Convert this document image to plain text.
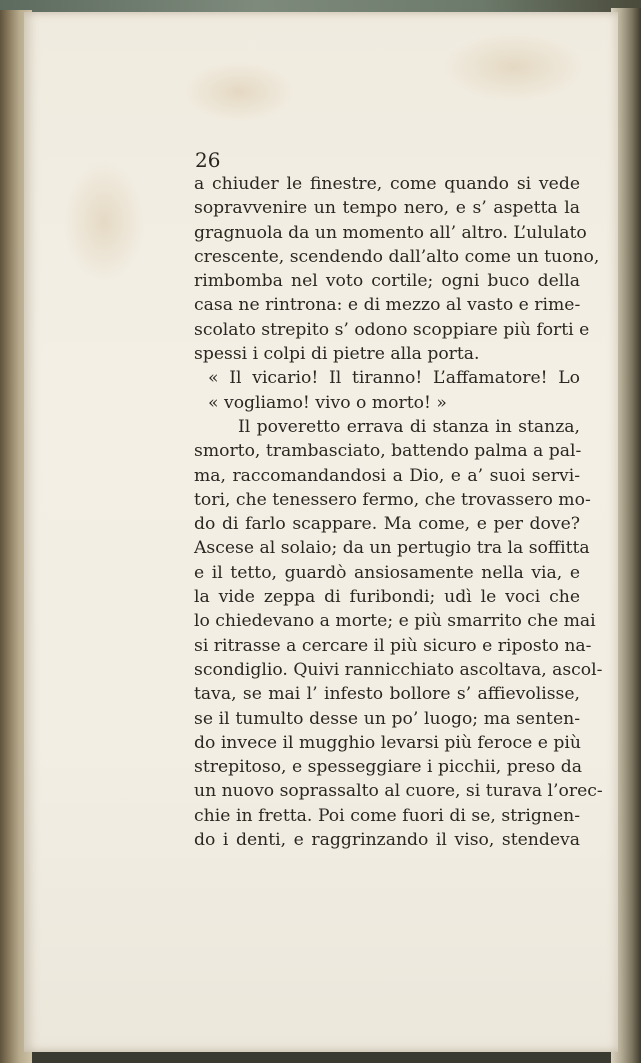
26
a chiuder le finestre, come quando si vede
sopravvenire un tempo nero, e s’ aspetta la
gragnuola da un momento all’ altro. L’ululato
crescente, scendendo dall’alto come un tuono,
rimbomba nel voto cortile; ogni buco della
casa ne rintrona: e di mezzo al vasto e rime-
scolato strepito s’ odono scoppiare più forti e
spessi i colpi di pietre alla porta.
« Il vicario! Il tiranno! L’affamatore! Lo
« vogliamo! vivo o morto! »
Il poveretto errava di stanza in stanza,
smorto, trambasciato, battendo palma a pal-
ma, raccomandandosi a Dio, e a’ suoi servi-
tori, che tenessero fermo, che trovassero mo-
do di farlo scappare. Ma come, e per dove?
Ascese al solaio; da un pertugio tra la soffitta
e il tetto, guardò ansiosamente nella via, e
la vide zeppa di furibondi; udì le voci che
lo chiedevano a morte; e più smarrito che mai
si ritrasse a cercare il più sicuro e riposto na-
scondiglio. Quivi rannicchiato ascoltava, ascol-
tava, se mai l’ infesto bollore s’ affievolisse,
se il tumulto desse un po’ luogo; ma senten-
do invece il mugghio levarsi più feroce e più
strepitoso, e spesseggiare i picchii, preso da
un nuovo soprassalto al cuore, si turava l’orec-
chie in fretta. Poi come fuori di se, strignen-
do i denti, e raggrinzando il viso, stendeva
